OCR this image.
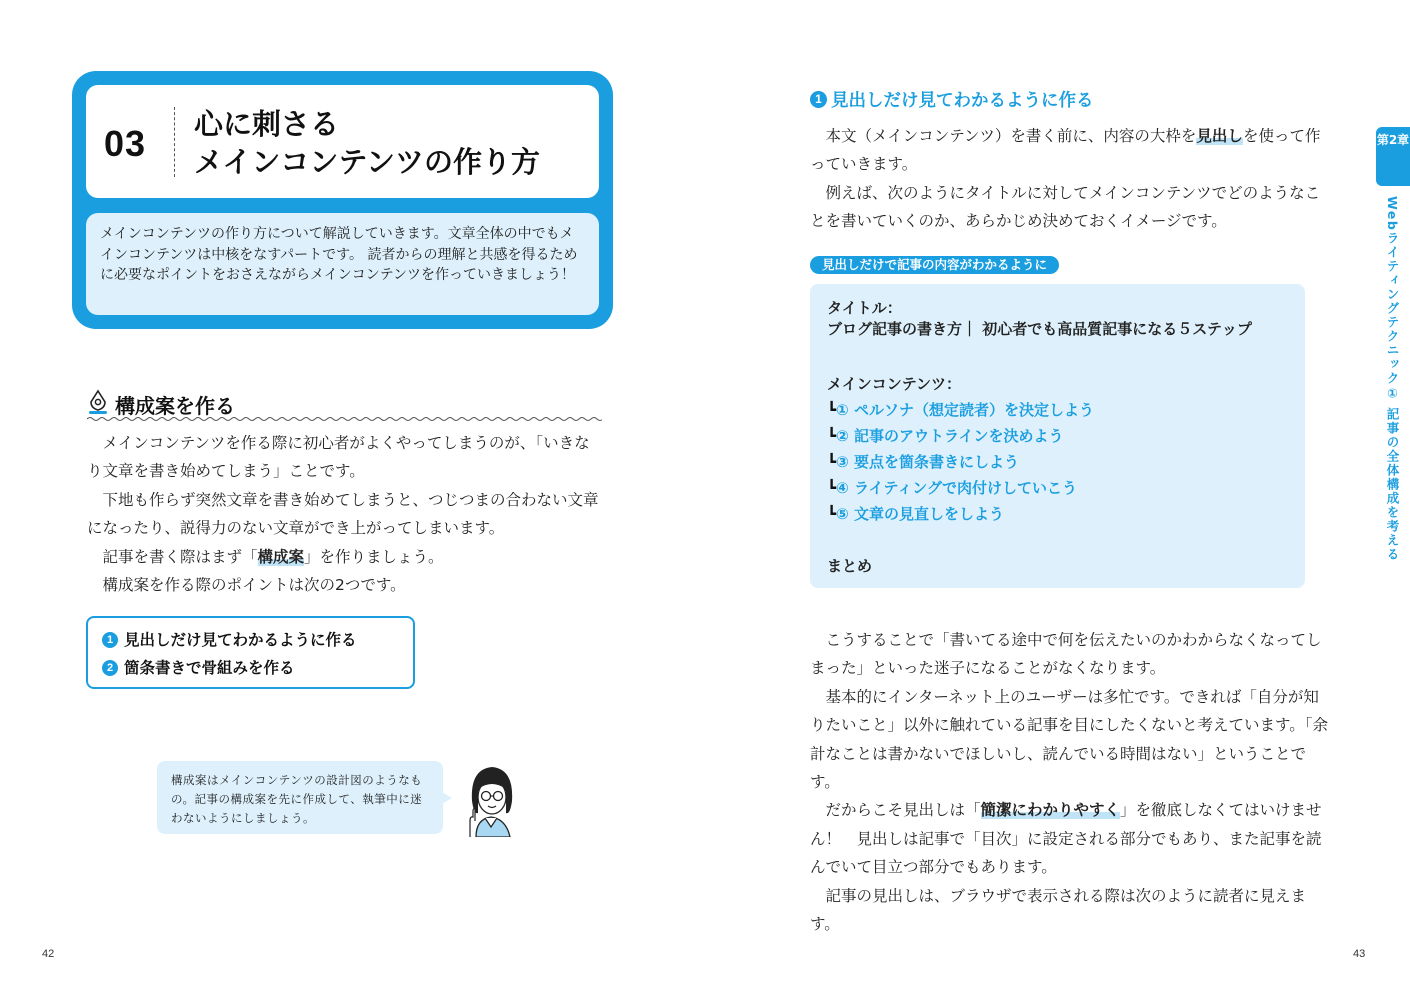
03	心に刺さる
メインコンテンツの作り方
メインコンテンツの作り方について解説していきます。文章全体の中でもメインコンテンツは中核をなすパートです。 読者からの理解と共感を得るために必要なポイントをおさえながらメインコンテンツを作っていきましょう！
構成案を作る

メインコンテンツを作る際に初心者がよくやってしまうのが、「いきなり文章を書き始めてしまう」ことです。

下地も作らず突然文章を書き始めてしまうと、つじつまの合わない文章になったり、説得力のない文章ができ上がってしまいます。

記事を書く際はまず「構成案」を作りましょう。

構成案を作る際のポイントは次の2つです。

1 見出しだけ見てわかるように作る
2 箇条書きで骨組みを作る
構成案はメインコンテンツの設計図のようなもの。記事の構成案を先に作成して、執筆中に迷わないようにしましょう。
42
1 見出しだけ見てわかるように作る

本文（メインコンテンツ）を書く前に、内容の大枠を見出しを使って作っていきます。

例えば、次のようにタイトルに対してメインコンテンツでどのようなことを書いていくのか、あらかじめ決めておくイメージです。

見出しだけで記事の内容がわかるように
タイトル：
ブログ記事の書き方｜ 初心者でも高品質記事になる５ステップ
メインコンテンツ：
┗① ペルソナ（想定読者）を決定しよう
┗② 記事のアウトラインを決めよう
┗③ 要点を箇条書きにしよう
┗④ ライティングで肉付けしていこう
┗⑤ 文章の見直しをしよう
まとめ

こうすることで「書いてる途中で何を伝えたいのかわからなくなってしまった」といった迷子になることがなくなります。

基本的にインターネット上のユーザーは多忙です。できれば「自分が知りたいこと」以外に触れている記事を目にしたくないと考えています。「余計なことは書かないでほしいし、読んでいる時間はない」ということです。

だからこそ見出しは「簡潔にわかりやすく」を徹底しなくてはいけません！　見出しは記事で「目次」に設定される部分でもあり、また記事を読んでいて目立つ部分でもあります。

記事の見出しは、ブラウザで表示される際は次のように読者に見えます。

第2章
Webライティングテクニック① 記事の全体構成を考える
43
